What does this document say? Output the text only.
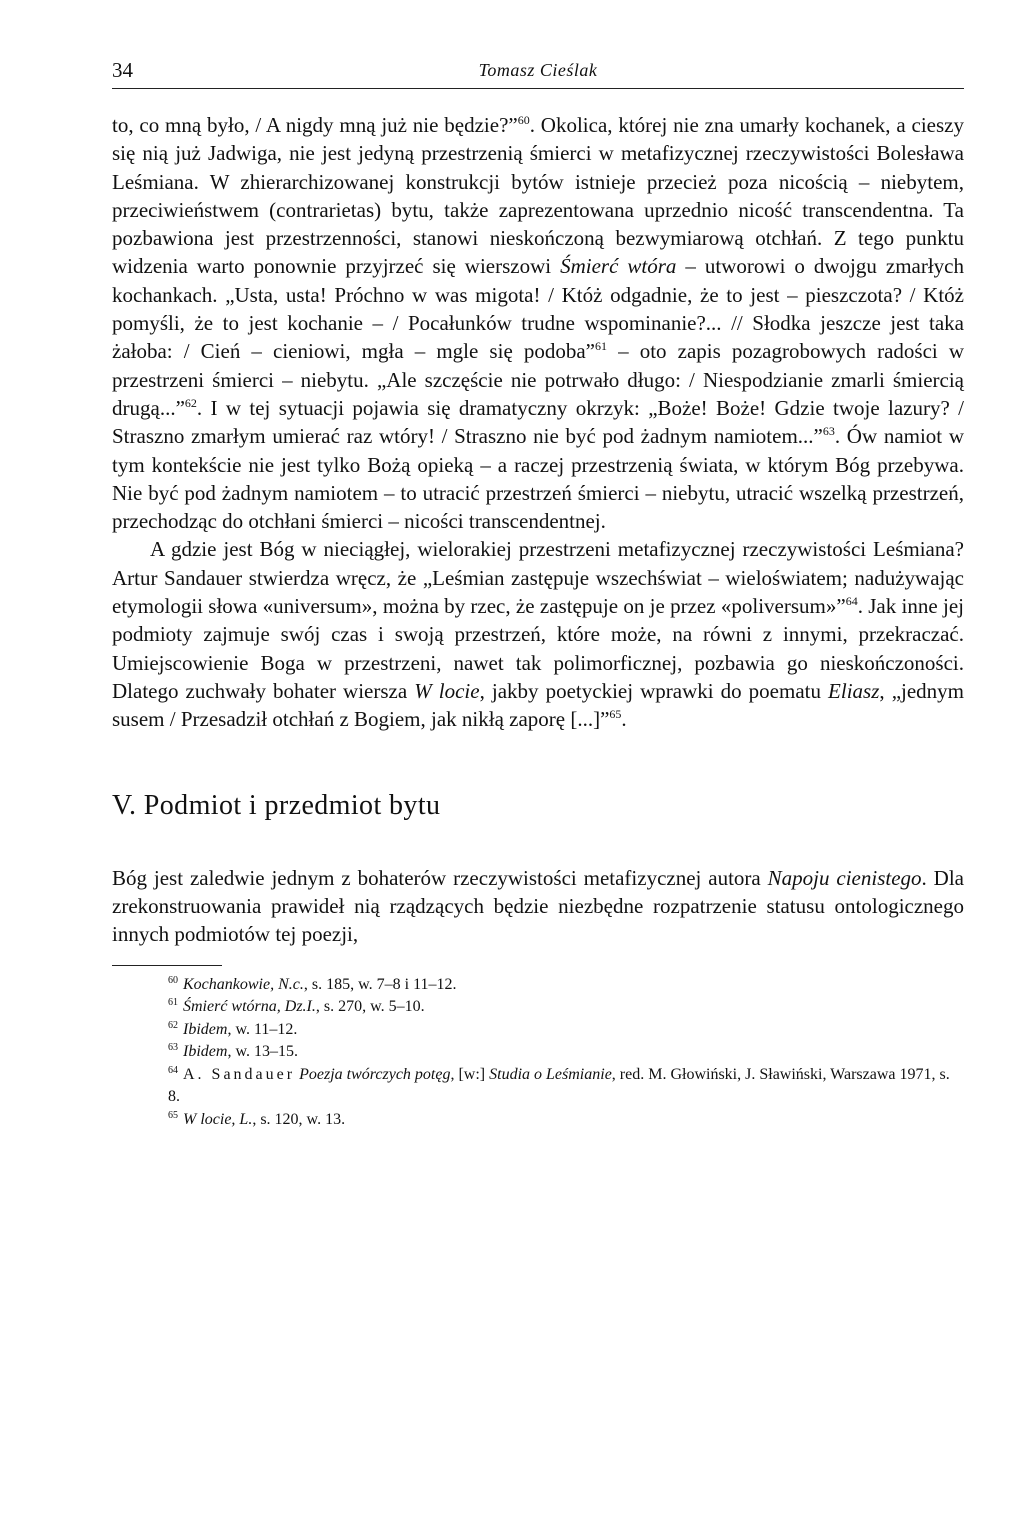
34	Tomasz Cieślak

to, co mną było, / A nigdy mną już nie będzie?”$^{60}$. Okolica, której nie zna umarły kochanek, a cieszy się nią już Jadwiga, nie jest jedyną przestrzenią śmierci w metafizycznej rzeczywistości Bolesława Leśmiana. W zhierarchizowanej konstrukcji bytów istnieje przecież poza nicością – niebytem, przeciwieństwem (contrarietas) bytu, także zaprezentowana uprzednio nicość transcendentna. Ta pozbawiona jest przestrzenności, stanowi nieskończoną bezwymiarową otchłań. Z tego punktu widzenia warto ponownie przyjrzeć się wierszowi Śmierć wtóra – utworowi o dwojgu zmarłych kochankach. „Usta, usta! Próchno w was migota! / Któż odgadnie, że to jest – pieszczota? / Któż pomyśli, że to jest kochanie – / Pocałunków trudne wspominanie?... // Słodka jeszcze jest taka żałoba: / Cień – cieniowi, mgła – mgle się podoba”$^{61}$ – oto zapis pozagrobowych radości w przestrzeni śmierci – niebytu. „Ale szczęście nie potrwało długo: / Niespodzianie zmarli śmiercią drugą...”$^{62}$. I w tej sytuacji pojawia się dramatyczny okrzyk: „Boże! Boże! Gdzie twoje lazury? / Straszno zmarłym umierać raz wtóry! / Straszno nie być pod żadnym namiotem...”$^{63}$. Ów namiot w tym kontekście nie jest tylko Bożą opieką – a raczej przestrzenią świata, w którym Bóg przebywa. Nie być pod żadnym namiotem – to utracić przestrzeń śmierci – niebytu, utracić wszelką przestrzeń, przechodząc do otchłani śmierci – nicości transcendentnej.

A gdzie jest Bóg w nieciągłej, wielorakiej przestrzeni metafizycznej rzeczywistości Leśmiana? Artur Sandauer stwierdza wręcz, że „Leśmian zastępuje wszechświat – wieloświatem; nadużywając etymologii słowa «universum», można by rzec, że zastępuje on je przez «poliversum»”$^{64}$. Jak inne jej podmioty zajmuje swój czas i swoją przestrzeń, które może, na równi z innymi, przekraczać. Umiejscowienie Boga w przestrzeni, nawet tak polimorficznej, pozbawia go nieskończoności. Dlatego zuchwały bohater wiersza W locie, jakby poetyckiej wprawki do poematu Eliasz, „jednym susem / Przesadził otchłań z Bogiem, jak nikłą zaporę [...]”$^{65}$.

V. Podmiot i przedmiot bytu

Bóg jest zaledwie jednym z bohaterów rzeczywistości metafizycznej autora Napoju cienistego. Dla zrekonstruowania prawideł nią rządzących będzie niezbędne rozpatrzenie statusu ontologicznego innych podmiotów tej poezji,

$^{60}$ Kochankowie, N.c., s. 185, w. 7–8 i 11–12.
$^{61}$ Śmierć wtórna, Dz.I., s. 270, w. 5–10.
$^{62}$ Ibidem, w. 11–12.
$^{63}$ Ibidem, w. 13–15.
$^{64}$ A. Sandauer Poezja twórczych potęg, [w:] Studia o Leśmianie, red. M. Głowiński, J. Sławiński, Warszawa 1971, s. 8.
$^{65}$ W locie, L., s. 120, w. 13.
